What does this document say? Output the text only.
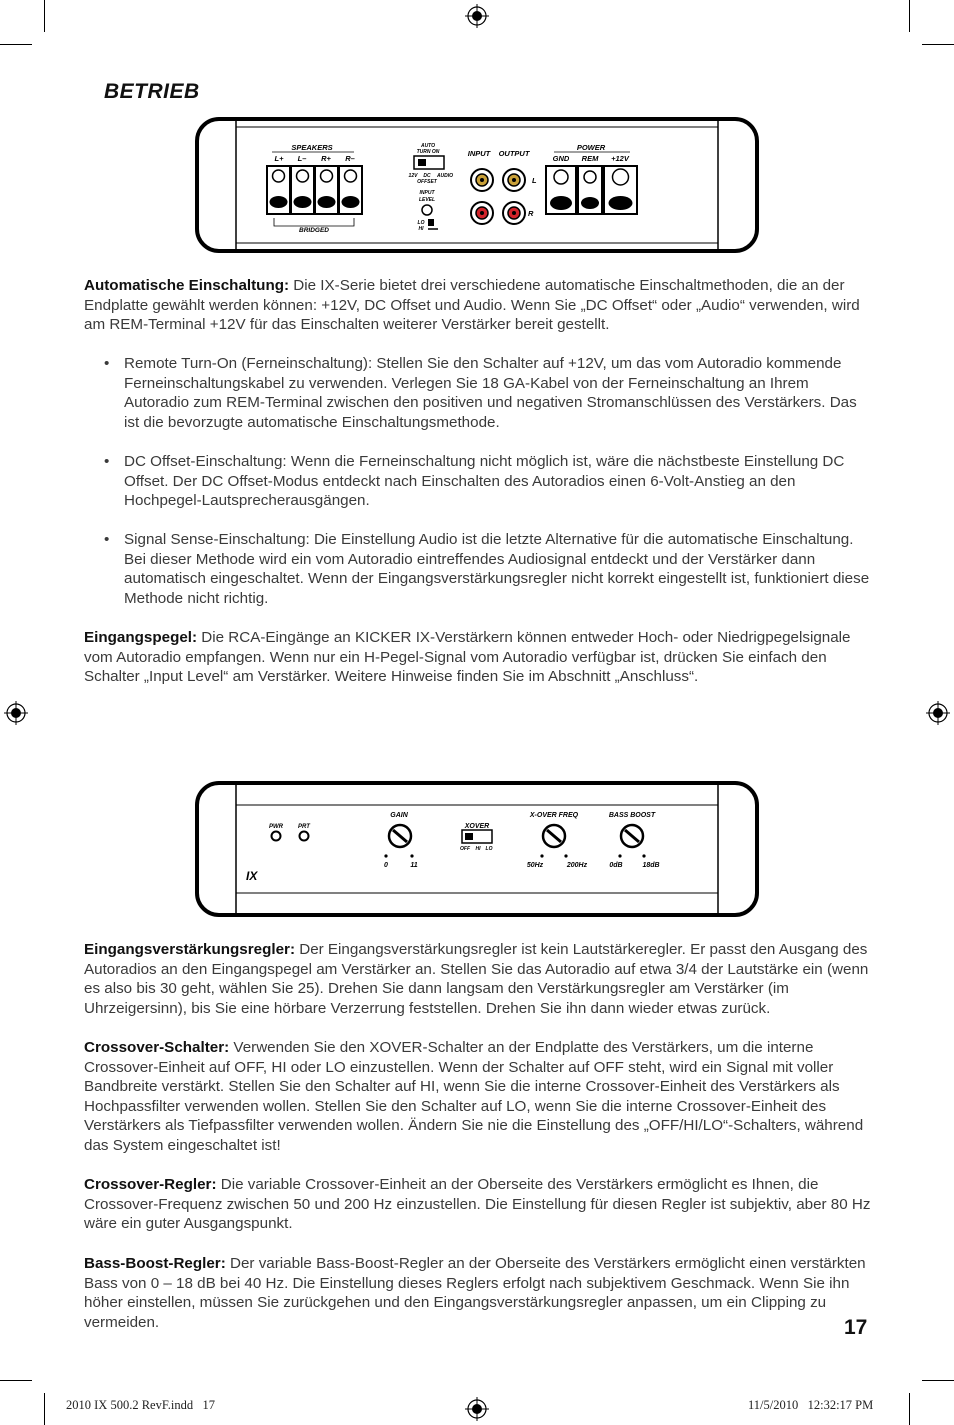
BETRIEB
SPEAKERS
L+ L– R+ R–
BRIDGED
AUTO
TURN ON
12V DC AUDIO
OFFSET
INPUT
LEVEL
LO
HI
INPUT OUTPUT
L
R
POWER
GND REM +12V
Automatische Einschaltung: Die IX-Serie bietet drei verschiedene automatische Einschaltmethoden, die an der Endplatte gewählt werden können: +12V, DC Offset und Audio. Wenn Sie „DC Offset“ oder „Audio“ verwenden, wird am REM-Terminal +12V für das Einschalten weiterer Verstärker bereit gestellt.
• Remote Turn-On (Ferneinschaltung): Stellen Sie den Schalter auf +12V, um das vom Autoradio kommende Ferneinschaltungskabel zu verwenden. Verlegen Sie 18 GA-Kabel von der Ferneinschaltung an Ihrem Autoradio zum REM-Terminal zwischen den positiven und negativen Stromanschlüssen des Verstärkers. Das ist die bevorzugte automatische Einschaltungsmethode.
• DC Offset-Einschaltung: Wenn die Ferneinschaltung nicht möglich ist, wäre die nächstbeste Einstellung DC Offset. Der DC Offset-Modus entdeckt nach Einschalten des Autoradios einen 6-Volt-Anstieg an den Hochpegel-Lautsprecherausgängen.
• Signal Sense-Einschaltung: Die Einstellung Audio ist die letzte Alternative für die automatische Einschaltung. Bei dieser Methode wird ein vom Autoradio eintreffendes Audiosignal entdeckt und der Verstärker dann automatisch eingeschaltet. Wenn der Eingangsverstärkungsregler nicht korrekt eingestellt ist, funktioniert diese Methode nicht richtig.
Eingangspegel: Die RCA-Eingänge an KICKER IX-Verstärkern können entweder Hoch- oder Niedrigpegelsignale vom Autoradio empfangen. Wenn nur ein H-Pegel-Signal vom Autoradio verfügbar ist, drücken Sie einfach den Schalter „Input Level“ am Verstärker. Weitere Hinweise finden Sie im Abschnitt „Anschluss“.
PWR	PRT
IX
GAIN
0	11
XOVER
OFF HI LO
X-OVER FREQ
50Hz	200Hz
BASS BOOST
0dB	18dB
Eingangsverstärkungsregler: Der Eingangsverstärkungsregler ist kein Lautstärkeregler. Er passt den Ausgang des Autoradios an den Eingangspegel am Verstärker an. Stellen Sie das Autoradio auf etwa 3/4 der Lautstärke ein (wenn es also bis 30 geht, wählen Sie 25). Drehen Sie dann langsam den Verstärkungsregler am Verstärker (im Uhrzeigersinn), bis Sie eine hörbare Verzerrung feststellen. Drehen Sie ihn dann wieder etwas zurück.
Crossover-Schalter: Verwenden Sie den XOVER-Schalter an der Endplatte des Verstärkers, um die interne Crossover-Einheit auf OFF, HI oder LO einzustellen. Wenn der Schalter auf OFF steht, wird ein Signal mit voller Bandbreite verstärkt. Stellen Sie den Schalter auf HI, wenn Sie die interne Crossover-Einheit des Verstärkers als Hochpassfilter verwenden wollen. Stellen Sie den Schalter auf LO, wenn Sie die interne Crossover-Einheit des Verstärkers als Tiefpassfilter verwenden wollen. Ändern Sie nie die Einstellung des „OFF/HI/LO“-Schalters, während das System eingeschaltet ist!
Crossover-Regler: Die variable Crossover-Einheit an der Oberseite des Verstärkers ermöglicht es Ihnen, die Crossover-Frequenz zwischen 50 und 200 Hz einzustellen. Die Einstellung für diesen Regler ist subjektiv, aber 80 Hz wäre ein guter Ausgangspunkt.
Bass-Boost-Regler: Der variable Bass-Boost-Regler an der Oberseite des Verstärkers ermöglicht einen verstärkten Bass von 0 – 18 dB bei 40 Hz. Die Einstellung dieses Reglers erfolgt nach subjektivem Geschmack. Wenn Sie ihn höher einstellen, müssen Sie zurückgehen und den Eingangsverstärkungsregler anpassen, um ein Clipping zu vermeiden.	17
2010 IX 500.2 RevF.indd   17	11/5/2010   12:32:17 PM
